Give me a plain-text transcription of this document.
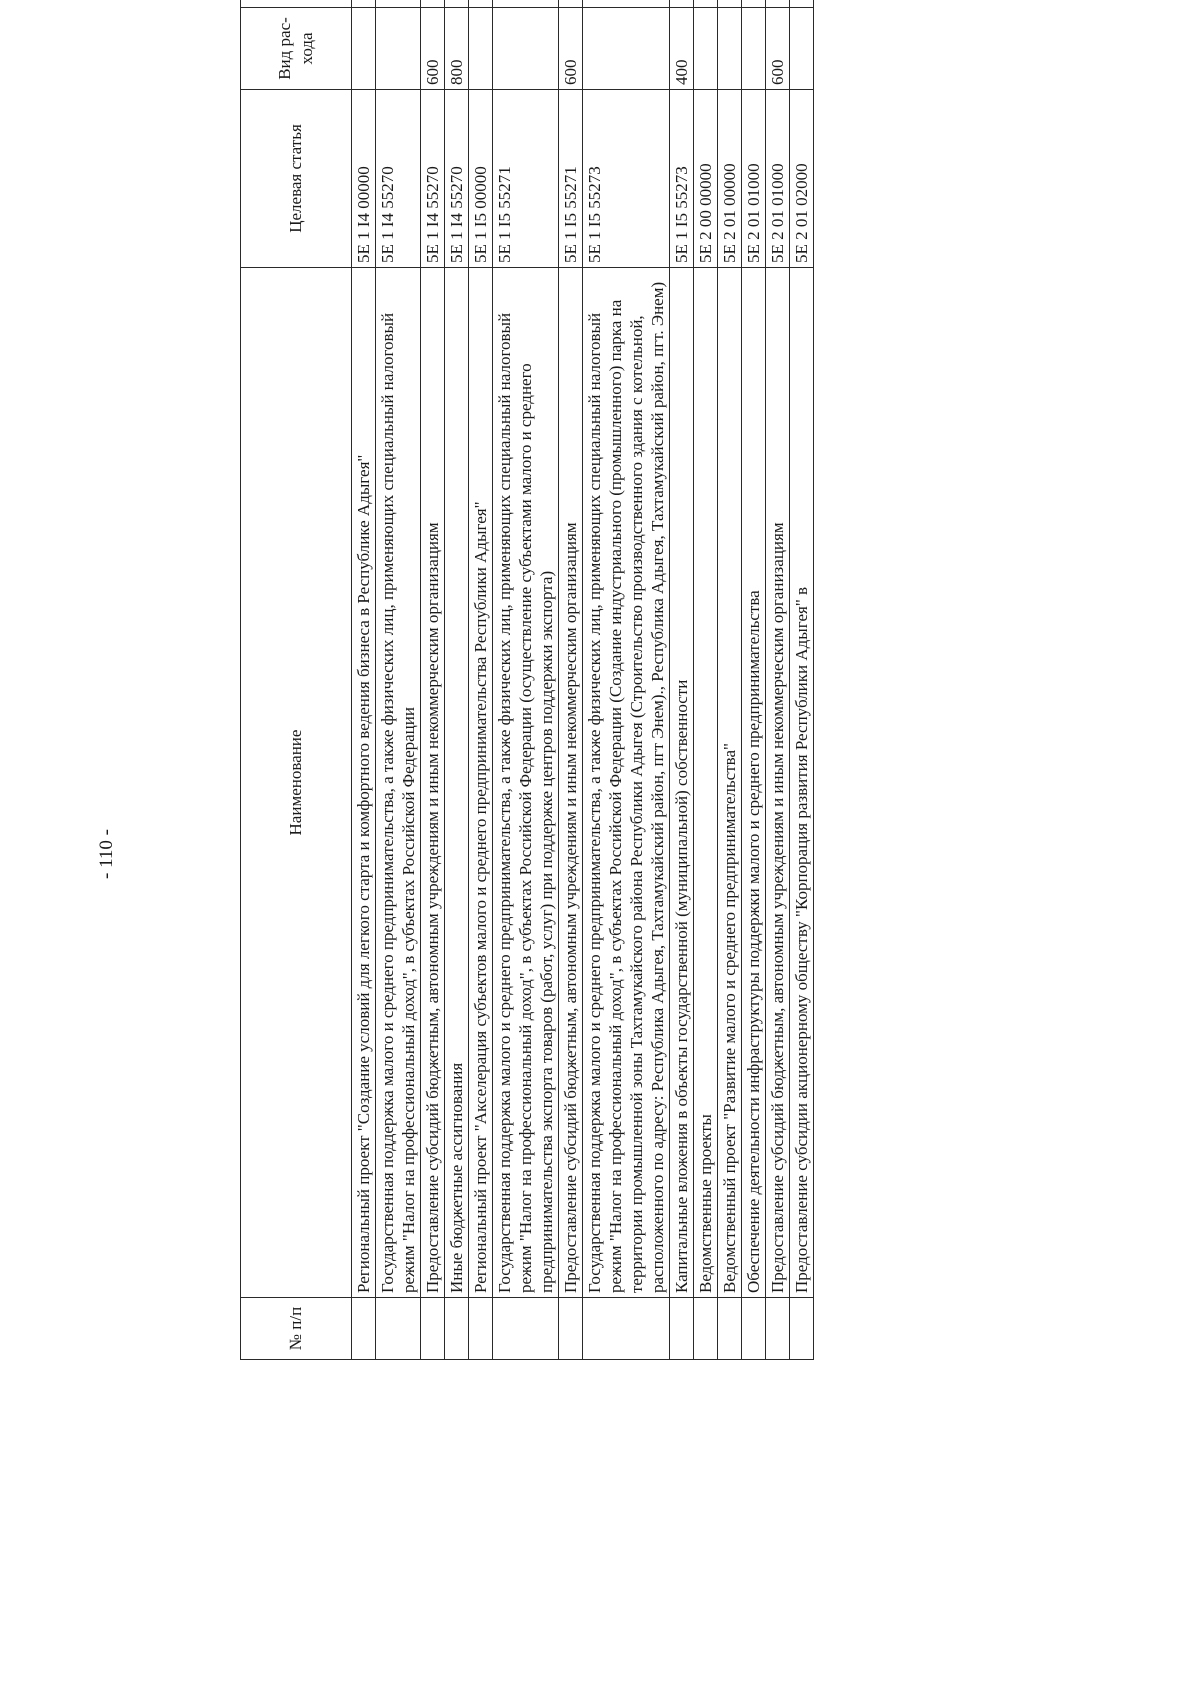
- 110 -
№ п/п	Наименование	Целевая статья	Вид рас-хода	
	Региональный проект "Создание условий для легкого старта и комфортного ведения бизнеса в Республике Адыгея"	5Е 1 I4 00000		
	Государственная поддержка малого и среднего предпринимательства, а также физических лиц, применяющих специальный налоговый режим "Налог на профессиональный доход", в субъектах Российской Федерации	5Е 1 I4 55270		
	Предоставление субсидий бюджетным, автономным учреждениям и иным некоммерческим организациям	5Е 1 I4 55270	600	
	Иные бюджетные ассигнования	5Е 1 I4 55270	800	
	Региональный проект "Акселерация субъектов малого и среднего предпринимательства Республики Адыгея"	5Е 1 I5 00000		
	Государственная поддержка малого и среднего предпринимательства, а также физических лиц, применяющих специальный налоговый режим "Налог на профессиональный доход", в субъектах Российской Федерации (осуществление субъектами малого и среднего предпринимательства экспорта товаров (работ, услуг) при поддержке центров поддержки экспорта)	5Е 1 I5 55271		
	Предоставление субсидий бюджетным, автономным учреждениям и иным некоммерческим организациям	5Е 1 I5 55271	600	
	Государственная поддержка малого и среднего предпринимательства, а также физических лиц, применяющих специальный налоговый режим "Налог на профессиональный доход", в субъектах Российской Федерации (Создание индустриального (промышленного) парка на территории промышленной зоны Тахтамукайского района Республики Адыгея (Строительство производственного здания с котельной, расположенного по адресу: Республика Адыгея, Тахтамукайский район, пгт Энем)., Республика Адыгея, Тахтамукайский район, пгт. Энем)	5Е 1 I5 55273		
	Капитальные вложения в объекты государственной (муниципальной) собственности	5Е 1 I5 55273	400	
	Ведомственные проекты	5Е 2 00 00000		
	Ведомственный проект "Развитие малого и среднего предпринимательства"	5Е 2 01 00000		
	Обеспечение деятельности инфраструктуры поддержки малого и среднего предпринимательства	5Е 2 01 01000		
	Предоставление субсидий бюджетным, автономным учреждениям и иным некоммерческим организациям	5Е 2 01 01000	600	
	Предоставление субсидии акционерному обществу "Корпорация развития Республики Адыгея" в	5Е 2 01 02000		
